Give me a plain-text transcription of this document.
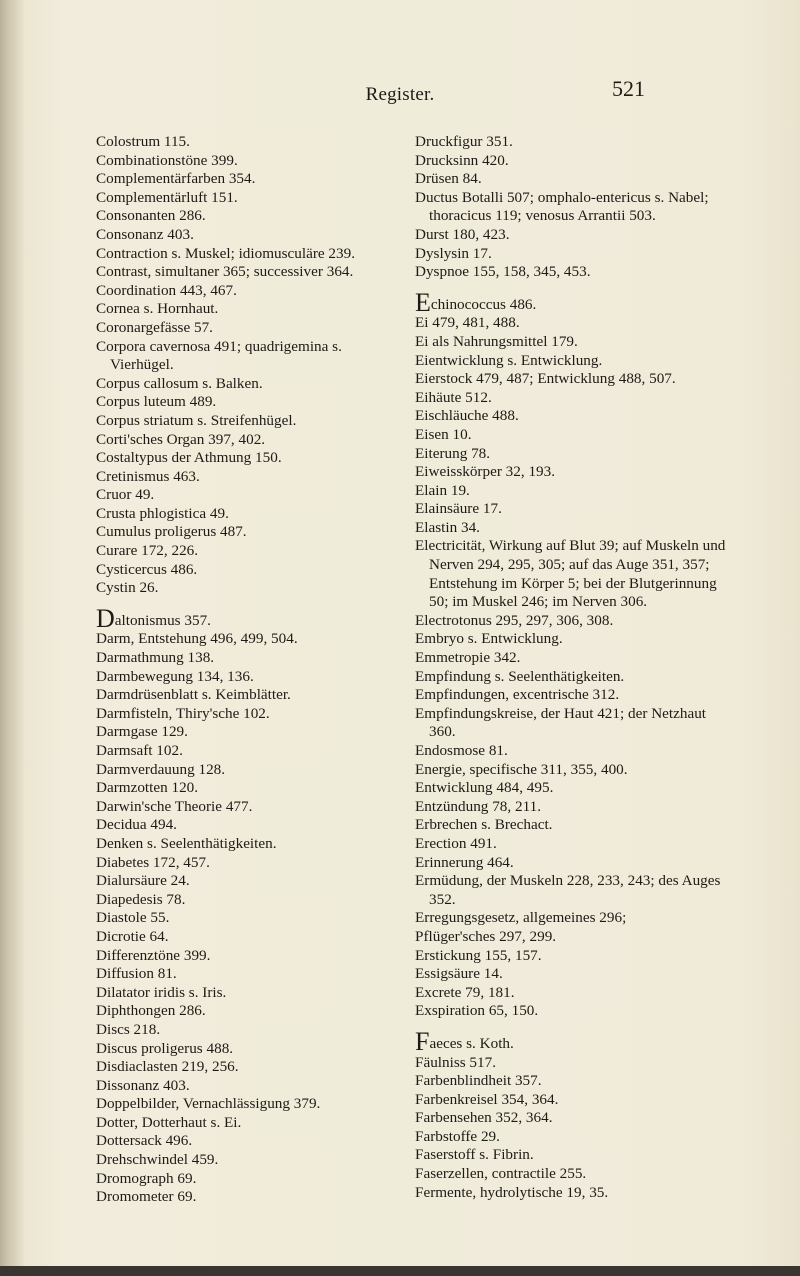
Register.	521

Colostrum 115.

Combinationstöne 399.

Complementärfarben 354.

Complementärluft 151.

Consonanten 286.

Consonanz 403.

Contraction s. Muskel; idiomusculäre 239.

Contrast, simultaner 365; successiver 364.

Coordination 443, 467.

Cornea s. Hornhaut.

Coronargefässe 57.

Corpora cavernosa 491; quadrigemina s. Vierhügel.

Corpus callosum s. Balken.

Corpus luteum 489.

Corpus striatum s. Streifenhügel.

Corti'sches Organ 397, 402.

Costaltypus der Athmung 150.

Cretinismus 463.

Cruor 49.

Crusta phlogistica 49.

Cumulus proligerus 487.

Curare 172, 226.

Cysticercus 486.

Cystin 26.

Daltonismus 357.

Darm, Entstehung 496, 499, 504.

Darmathmung 138.

Darmbewegung 134, 136.

Darmdrüsenblatt s. Keimblätter.

Darmfisteln, Thiry'sche 102.

Darmgase 129.

Darmsaft 102.

Darmverdauung 128.

Darmzotten 120.

Darwin'sche Theorie 477.

Decidua 494.

Denken s. Seelenthätigkeiten.

Diabetes 172, 457.

Dialursäure 24.

Diapedesis 78.

Diastole 55.

Dicrotie 64.

Differenztöne 399.

Diffusion 81.

Dilatator iridis s. Iris.

Diphthongen 286.

Discs 218.

Discus proligerus 488.

Disdiaclasten 219, 256.

Dissonanz 403.

Doppelbilder, Vernachlässigung 379.

Dotter, Dotterhaut s. Ei.

Dottersack 496.

Drehschwindel 459.

Dromograph 69.

Dromometer 69.

Druckfigur 351.

Drucksinn 420.

Drüsen 84.

Ductus Botalli 507; omphalo-entericus s. Nabel; thoracicus 119; venosus Arrantii 503.

Durst 180, 423.

Dyslysin 17.

Dyspnoe 155, 158, 345, 453.

Echinococcus 486.

Ei 479, 481, 488.

Ei als Nahrungsmittel 179.

Eientwicklung s. Entwicklung.

Eierstock 479, 487; Entwicklung 488, 507.

Eihäute 512.

Eischläuche 488.

Eisen 10.

Eiterung 78.

Eiweisskörper 32, 193.

Elain 19.

Elainsäure 17.

Elastin 34.

Electricität, Wirkung auf Blut 39; auf Muskeln und Nerven 294, 295, 305; auf das Auge 351, 357; Entstehung im Körper 5; bei der Blutgerinnung 50; im Muskel 246; im Nerven 306.

Electrotonus 295, 297, 306, 308.

Embryo s. Entwicklung.

Emmetropie 342.

Empfindung s. Seelenthätigkeiten.

Empfindungen, excentrische 312.

Empfindungskreise, der Haut 421; der Netzhaut 360.

Endosmose 81.

Energie, specifische 311, 355, 400.

Entwicklung 484, 495.

Entzündung 78, 211.

Erbrechen s. Brechact.

Erection 491.

Erinnerung 464.

Ermüdung, der Muskeln 228, 233, 243; des Auges 352.

Erregungsgesetz, allgemeines 296;

Pflüger'sches 297, 299.

Erstickung 155, 157.

Essigsäure 14.

Excrete 79, 181.

Exspiration 65, 150.

Faeces s. Koth.

Fäulniss 517.

Farbenblindheit 357.

Farbenkreisel 354, 364.

Farbensehen 352, 364.

Farbstoffe 29.

Faserstoff s. Fibrin.

Faserzellen, contractile 255.

Fermente, hydrolytische 19, 35.
